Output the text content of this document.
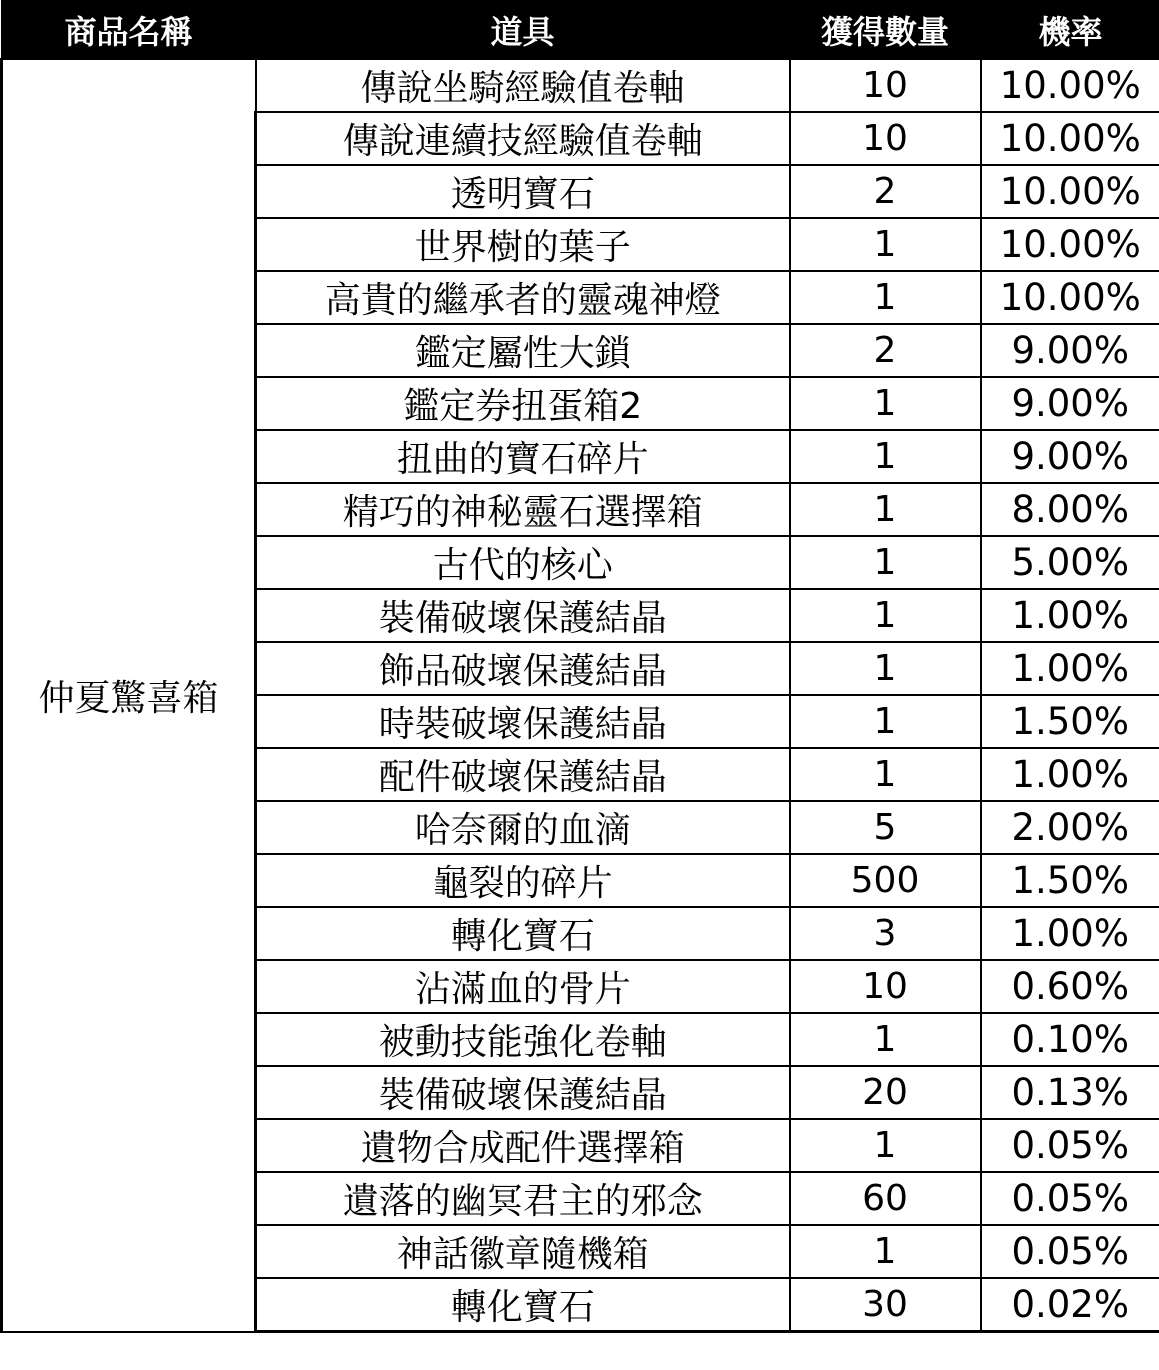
商品名稱	道具	獲得數量	機率
仲夏驚喜箱	傳說坐騎經驗值卷軸	10	10.00%
	傳說連續技經驗值卷軸	10	10.00%
	透明寶石	2	10.00%
	世界樹的葉子	1	10.00%
	高貴的繼承者的靈魂神燈	1	10.00%
	鑑定屬性大鎖	2	9.00%
	鑑定券扭蛋箱2	1	9.00%
	扭曲的寶石碎片	1	9.00%
	精巧的神秘靈石選擇箱	1	8.00%
	古代的核心	1	5.00%
	裝備破壞保護結晶	1	1.00%
	飾品破壞保護結晶	1	1.00%
	時裝破壞保護結晶	1	1.50%
	配件破壞保護結晶	1	1.00%
	哈奈爾的血滴	5	2.00%
	龜裂的碎片	500	1.50%
	轉化寶石	3	1.00%
	沾滿血的骨片	10	0.60%
	被動技能強化卷軸	1	0.10%
	裝備破壞保護結晶	20	0.13%
	遺物合成配件選擇箱	1	0.05%
	遺落的幽冥君主的邪念	60	0.05%
	神話徽章隨機箱	1	0.05%
	轉化寶石	30	0.02%
